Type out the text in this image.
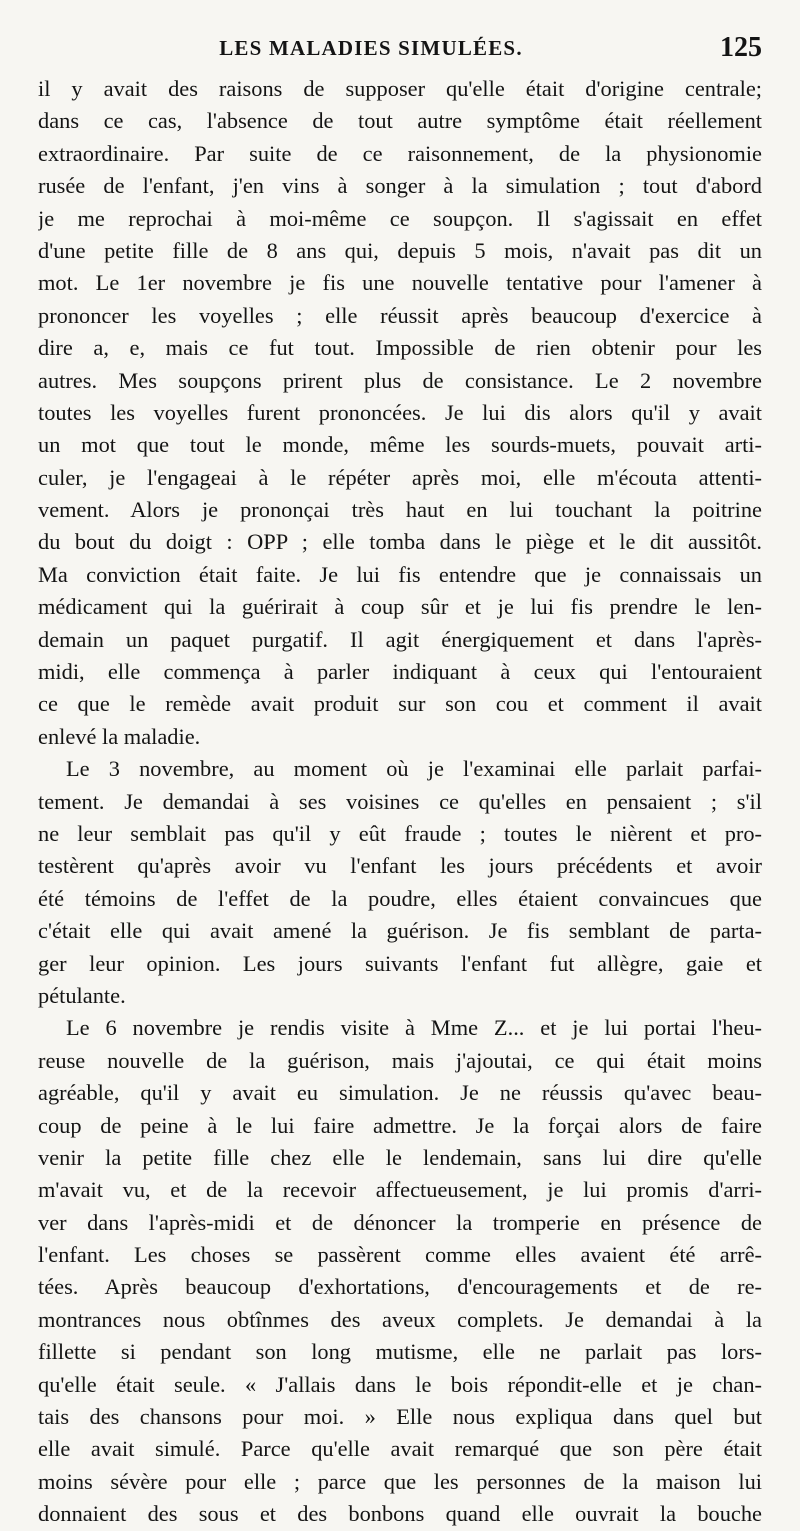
LES MALADIES SIMULÉES.	125
il y avait des raisons de supposer qu'elle était d'origine centrale;
dans ce cas, l'absence de tout autre symptôme était réellement
extraordinaire. Par suite de ce raisonnement, de la physionomie
rusée de l'enfant, j'en vins à songer à la simulation ; tout d'abord
je me reprochai à moi-même ce soupçon. Il s'agissait en effet
d'une petite fille de 8 ans qui, depuis 5 mois, n'avait pas dit un
mot. Le 1er novembre je fis une nouvelle tentative pour l'amener à
prononcer les voyelles ; elle réussit après beaucoup d'exercice à
dire a, e, mais ce fut tout. Impossible de rien obtenir pour les
autres. Mes soupçons prirent plus de consistance. Le 2 novembre
toutes les voyelles furent prononcées. Je lui dis alors qu'il y avait
un mot que tout le monde, même les sourds-muets, pouvait arti-
culer, je l'engageai à le répéter après moi, elle m'écouta attenti-
vement. Alors je prononçai très haut en lui touchant la poitrine
du bout du doigt : OPP ; elle tomba dans le piège et le dit aussitôt.
Ma conviction était faite. Je lui fis entendre que je connaissais un
médicament qui la guérirait à coup sûr et je lui fis prendre le len-
demain un paquet purgatif. Il agit énergiquement et dans l'après-
midi, elle commença à parler indiquant à ceux qui l'entouraient
ce que le remède avait produit sur son cou et comment il avait
enlevé la maladie.
Le 3 novembre, au moment où je l'examinai elle parlait parfai-
tement. Je demandai à ses voisines ce qu'elles en pensaient ; s'il
ne leur semblait pas qu'il y eût fraude ; toutes le nièrent et pro-
testèrent qu'après avoir vu l'enfant les jours précédents et avoir
été témoins de l'effet de la poudre, elles étaient convaincues que
c'était elle qui avait amené la guérison. Je fis semblant de parta-
ger leur opinion. Les jours suivants l'enfant fut allègre, gaie et
pétulante.
Le 6 novembre je rendis visite à Mme Z... et je lui portai l'heu-
reuse nouvelle de la guérison, mais j'ajoutai, ce qui était moins
agréable, qu'il y avait eu simulation. Je ne réussis qu'avec beau-
coup de peine à le lui faire admettre. Je la forçai alors de faire
venir la petite fille chez elle le lendemain, sans lui dire qu'elle
m'avait vu, et de la recevoir affectueusement, je lui promis d'arri-
ver dans l'après-midi et de dénoncer la tromperie en présence de
l'enfant. Les choses se passèrent comme elles avaient été arrê-
tées. Après beaucoup d'exhortations, d'encouragements et de re-
montrances nous obtînmes des aveux complets. Je demandai à la
fillette si pendant son long mutisme, elle ne parlait pas lors-
qu'elle était seule. « J'allais dans le bois répondit-elle et je chan-
tais des chansons pour moi. » Elle nous expliqua dans quel but
elle avait simulé. Parce qu'elle avait remarqué que son père était
moins sévère pour elle ; parce que les personnes de la maison lui
donnaient des sous et des bonbons quand elle ouvrait la bouche
